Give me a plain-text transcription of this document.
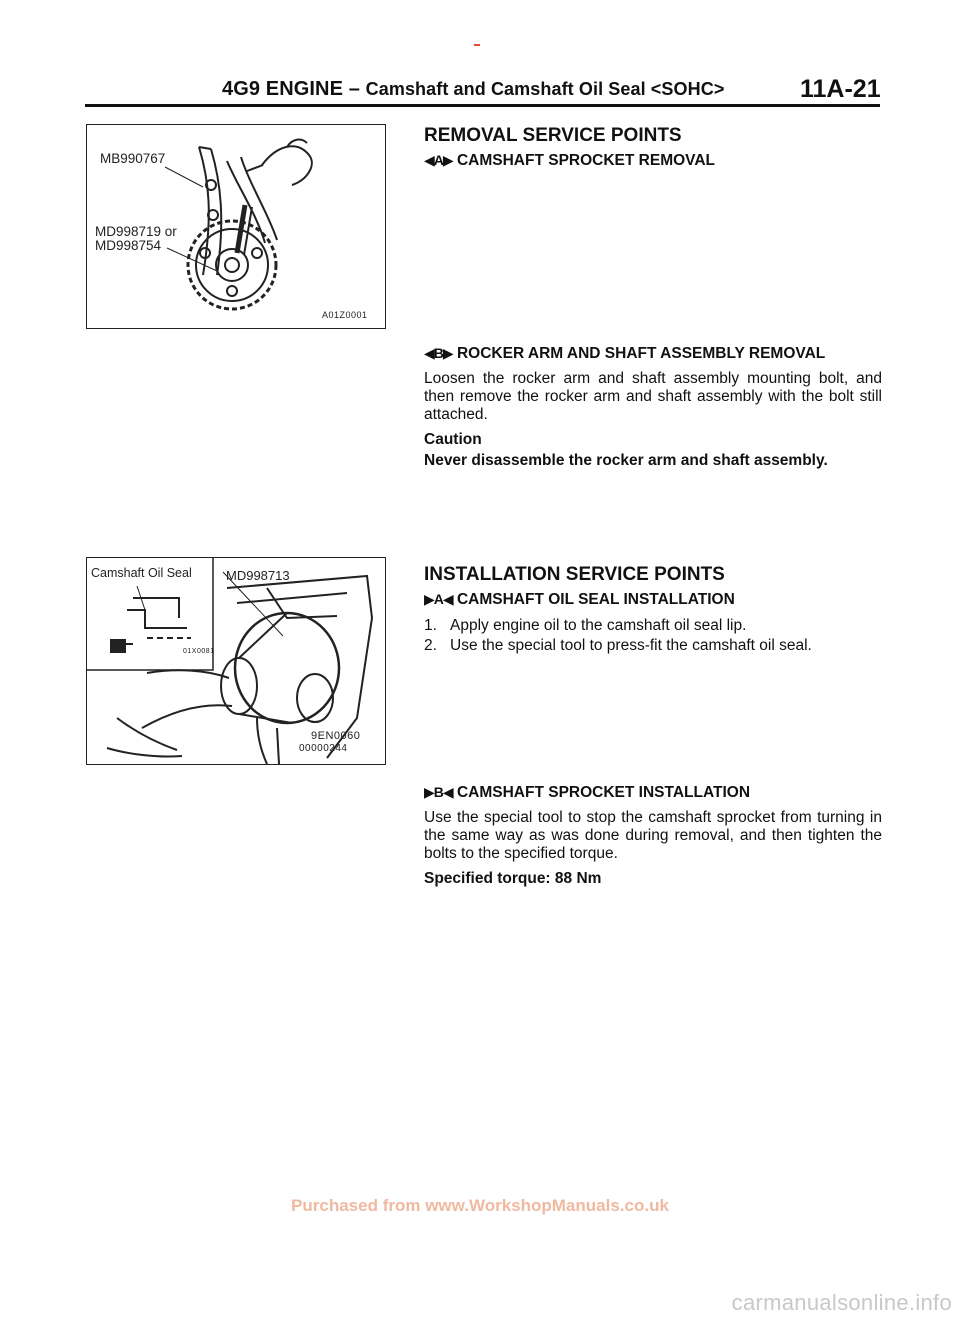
4G9 ENGINE – Camshaft and Camshaft Oil Seal <SOHC>	11A-21
MB990767
MD998719 or
MD998754
A01Z0001
Camshaft Oil Seal	MD998713
01X0081
9EN0060
00000244
REMOVAL SERVICE POINTS
◀A▶ CAMSHAFT SPROCKET REMOVAL
◀B▶ ROCKER ARM AND SHAFT ASSEMBLY REMOVAL
Loosen the rocker arm and shaft assembly mounting bolt, and then remove the rocker arm and shaft assembly with the bolt still attached.
Caution
Never disassemble the rocker arm and shaft assembly.
INSTALLATION SERVICE POINTS
▶A◀ CAMSHAFT OIL SEAL INSTALLATION
1. Apply engine oil to the camshaft oil seal lip.
2. Use the special tool to press-fit the camshaft oil seal.
▶B◀ CAMSHAFT SPROCKET INSTALLATION
Use the special tool to stop the camshaft sprocket from turning in the same way as was done during removal, and then tighten the bolts to the specified torque.
Specified torque: 88 Nm
Purchased from www.WorkshopManuals.co.uk
carmanualsonline.info
